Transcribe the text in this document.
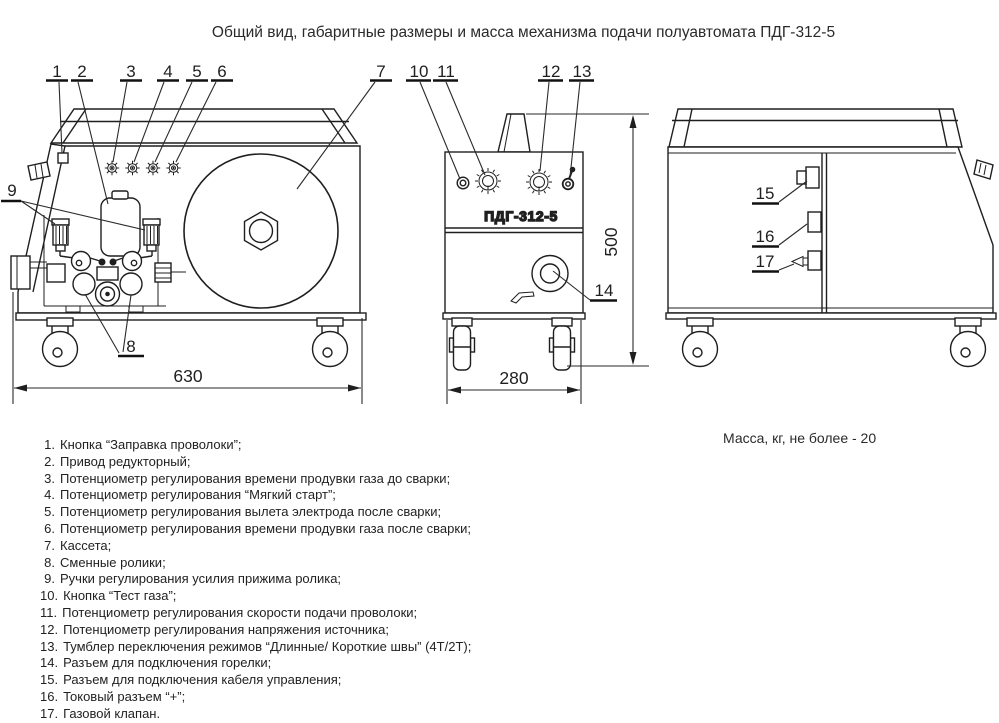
Общий вид, габаритные размеры и масса механизма подачи полуавтомата ПДГ-312-5
630
1 2 3 4 5 6	7
9
8
ПДГ-312-5
280
500
10 11	12 13
14
15
16
17
Масса, кг, не более - 20
1. Кнопка “Заправка проволоки”;
2. Привод редукторный;
3. Потенциометр регулирования времени продувки газа до сварки;
4. Потенциометр регулирования “Мягкий старт”;
5. Потенциометр регулирования вылета электрода после сварки;
6. Потенциометр регулирования времени продувки газа после сварки;
7. Кассета;
8. Сменные ролики;
9. Ручки регулирования усилия прижима ролика;
10. Кнопка “Тест газа”;
11. Потенциометр регулирования скорости подачи проволоки;
12. Потенциометр регулирования напряжения источника;
13. Тумблер переключения режимов “Длинные/ Короткие швы” (4Т/2Т);
14. Разъем для подключения горелки;
15. Разъем для подключения кабеля управления;
16. Токовый разъем “+”;
17. Газовой клапан.
